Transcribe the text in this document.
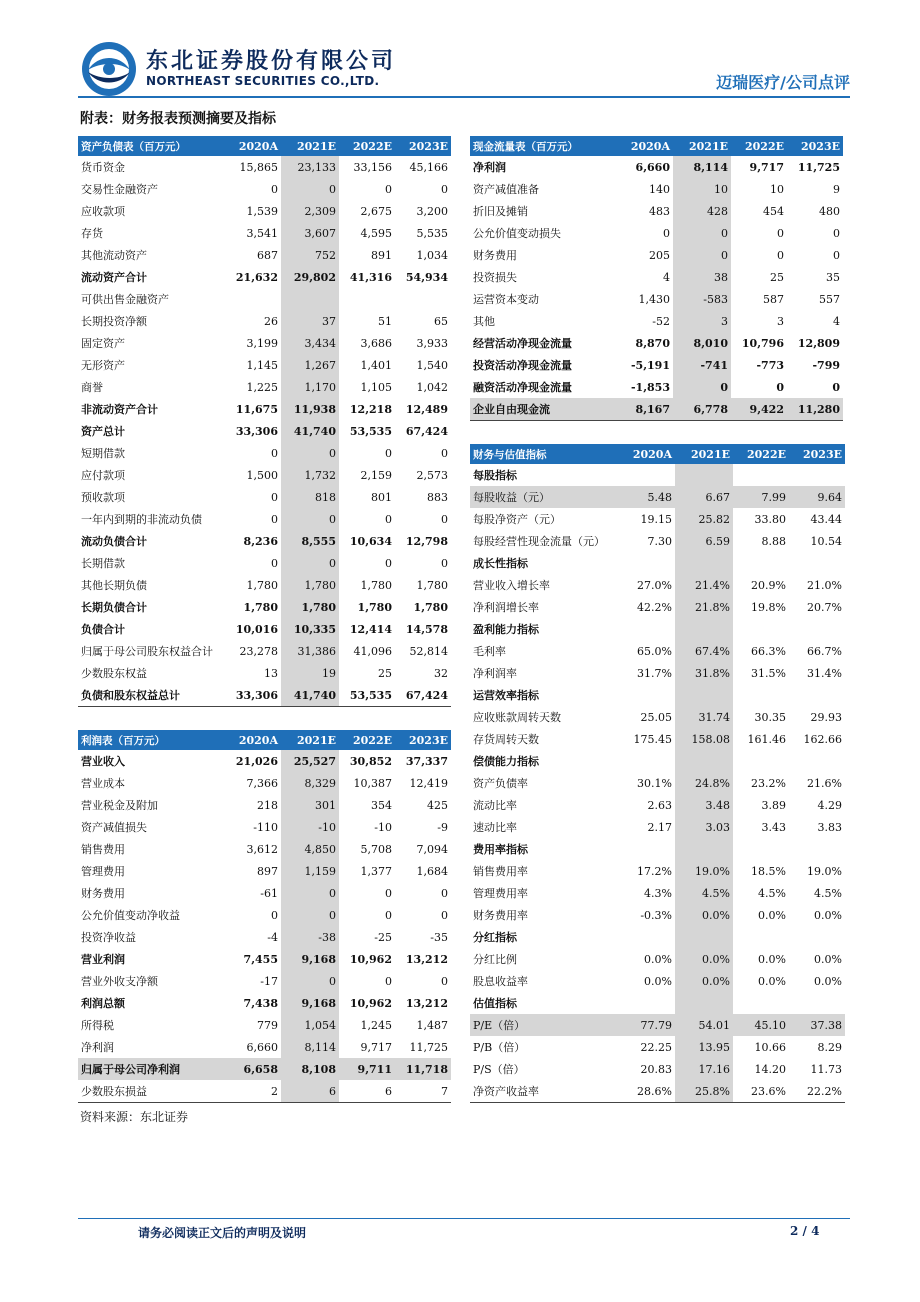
东北证券股份有限公司
NORTHEAST SECURITIES CO.,LTD.	迈瑞医疗/公司点评
附表：财务报表预测摘要及指标
资产负债表（百万元）	2020A	2021E	2022E	2023E
货币资金	15,865	23,133	33,156	45,166
交易性金融资产	0	0	0	0
应收款项	1,539	2,309	2,675	3,200
存货	3,541	3,607	4,595	5,535
其他流动资产	687	752	891	1,034
流动资产合计	21,632	29,802	41,316	54,934
可供出售金融资产				
长期投资净额	26	37	51	65
固定资产	3,199	3,434	3,686	3,933
无形资产	1,145	1,267	1,401	1,540
商誉	1,225	1,170	1,105	1,042
非流动资产合计	11,675	11,938	12,218	12,489
资产总计	33,306	41,740	53,535	67,424
短期借款	0	0	0	0
应付款项	1,500	1,732	2,159	2,573
预收款项	0	818	801	883
一年内到期的非流动负债	0	0	0	0
流动负债合计	8,236	8,555	10,634	12,798
长期借款	0	0	0	0
其他长期负债	1,780	1,780	1,780	1,780
长期负债合计	1,780	1,780	1,780	1,780
负债合计	10,016	10,335	12,414	14,578
归属于母公司股东权益合计	23,278	31,386	41,096	52,814
少数股东权益	13	19	25	32
负债和股东权益总计	33,306	41,740	53,535	67,424
现金流量表（百万元）	2020A	2021E	2022E	2023E
净利润	6,660	8,114	9,717	11,725
资产减值准备	140	10	10	9
折旧及摊销	483	428	454	480
公允价值变动损失	0	0	0	0
财务费用	205	0	0	0
投资损失	4	38	25	35
运营资本变动	1,430	-583	587	557
其他	-52	3	3	4
经营活动净现金流量	8,870	8,010	10,796	12,809
投资活动净现金流量	-5,191	-741	-773	-799
融资活动净现金流量	-1,853	0	0	0
企业自由现金流	8,167	6,778	9,422	11,280
财务与估值指标	2020A	2021E	2022E	2023E
每股指标				
每股收益（元）	5.48	6.67	7.99	9.64
每股净资产（元）	19.15	25.82	33.80	43.44
每股经营性现金流量（元）	7.30	6.59	8.88	10.54
成长性指标				
营业收入增长率	27.0%	21.4%	20.9%	21.0%
净利润增长率	42.2%	21.8%	19.8%	20.7%
盈利能力指标				
毛利率	65.0%	67.4%	66.3%	66.7%
净利润率	31.7%	31.8%	31.5%	31.4%
运营效率指标				
应收账款周转天数	25.05	31.74	30.35	29.93
存货周转天数	175.45	158.08	161.46	162.66
偿债能力指标				
资产负债率	30.1%	24.8%	23.2%	21.6%
流动比率	2.63	3.48	3.89	4.29
速动比率	2.17	3.03	3.43	3.83
费用率指标				
销售费用率	17.2%	19.0%	18.5%	19.0%
管理费用率	4.3%	4.5%	4.5%	4.5%
财务费用率	-0.3%	0.0%	0.0%	0.0%
分红指标				
分红比例	0.0%	0.0%	0.0%	0.0%
股息收益率	0.0%	0.0%	0.0%	0.0%
估值指标				
P/E（倍）	77.79	54.01	45.10	37.38
P/B（倍）	22.25	13.95	10.66	8.29
P/S（倍）	20.83	17.16	14.20	11.73
净资产收益率	28.6%	25.8%	23.6%	22.2%
利润表（百万元）	2020A	2021E	2022E	2023E
营业收入	21,026	25,527	30,852	37,337
营业成本	7,366	8,329	10,387	12,419
营业税金及附加	218	301	354	425
资产减值损失	-110	-10	-10	-9
销售费用	3,612	4,850	5,708	7,094
管理费用	897	1,159	1,377	1,684
财务费用	-61	0	0	0
公允价值变动净收益	0	0	0	0
投资净收益	-4	-38	-25	-35
营业利润	7,455	9,168	10,962	13,212
营业外收支净额	-17	0	0	0
利润总额	7,438	9,168	10,962	13,212
所得税	779	1,054	1,245	1,487
净利润	6,660	8,114	9,717	11,725
归属于母公司净利润	6,658	8,108	9,711	11,718
少数股东损益	2	6	6	7
资料来源：东北证券
请务必阅读正文后的声明及说明	2 / 4
